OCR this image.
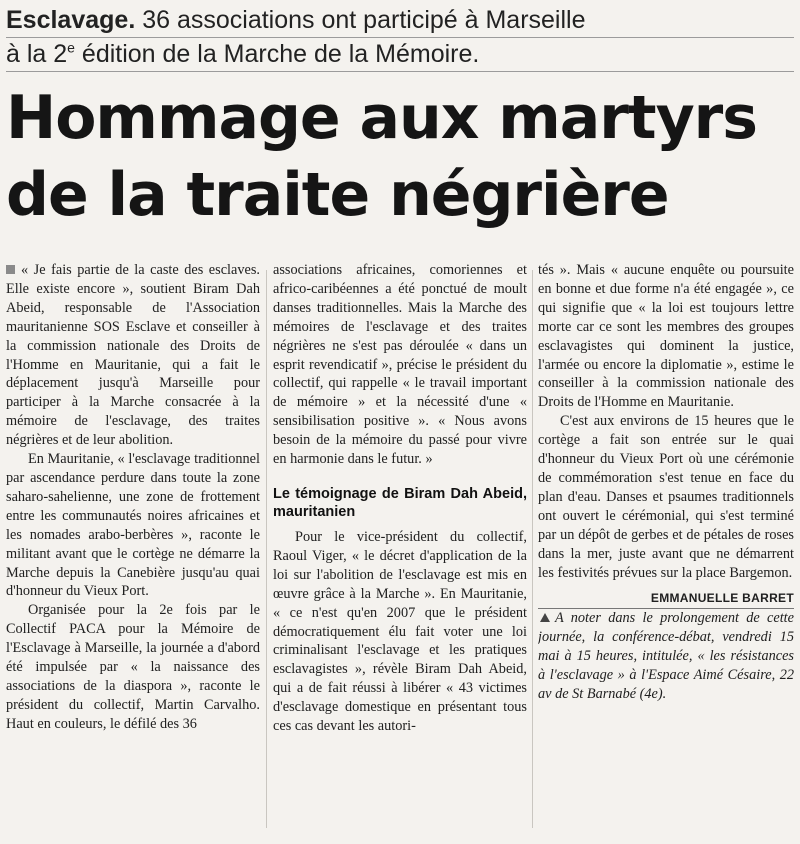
Esclavage. 36 associations ont participé à Marseille
à la 2e édition de la Marche de la Mémoire.
Hommage aux martyrs
de la traite négrière

« Je fais partie de la caste des esclaves. Elle existe encore », soutient Biram Dah Abeid, responsable de l'Association mauritanienne SOS Esclave et conseiller à la commission nationale des Droits de l'Homme en Mauritanie, qui a fait le déplacement jusqu'à Marseille pour participer à la Marche consacrée à la mémoire de l'esclavage, des traites négrières et de leur abolition.

En Mauritanie, « l'esclavage traditionnel par ascendance perdure dans toute la zone saharo-sahelienne, une zone de frottement entre les communautés noires africaines et les nomades arabo-berbères », raconte le militant avant que le cortège ne démarre la Marche depuis la Canebière jusqu'au quai d'honneur du Vieux Port.

Organisée pour la 2e fois par le Collectif PACA pour la Mémoire de l'Esclavage à Marseille, la journée a d'abord été impulsée par « la naissance des associations de la diaspora », raconte le président du collectif, Martin Carvalho. Haut en couleurs, le défilé des 36

associations africaines, comoriennes et africo-caribéennes a été ponctué de moult danses traditionnelles. Mais la Marche des mémoires de l'esclavage et des traites négrières ne s'est pas déroulée « dans un esprit revendicatif », précise le président du collectif, qui rappelle « le travail important de mémoire » et la nécessité d'une « sensibilisation positive ». « Nous avons besoin de la mémoire du passé pour vivre en harmonie dans le futur. »

Le témoignage de Biram Dah Abeid, mauritanien

Pour le vice-président du collectif, Raoul Viger, « le décret d'application de la loi sur l'abolition de l'esclavage est mis en œuvre grâce à la Marche ». En Mauritanie, « ce n'est qu'en 2007 que le président démocratiquement élu fait voter une loi criminalisant l'esclavage et les pratiques esclavagistes », révèle Biram Dah Abeid, qui a de fait réussi à libérer « 43 victimes d'esclavage domestique en présentant tous ces cas devant les autori-

tés ». Mais « aucune enquête ou poursuite en bonne et due forme n'a été engagée », ce qui signifie que « la loi est toujours lettre morte car ce sont les membres des groupes esclavagistes qui dominent la justice, l'armée ou encore la diplomatie », estime le conseiller à la commission nationale des Droits de l'Homme en Mauritanie.

C'est aux environs de 15 heures que le cortège a fait son entrée sur le quai d'honneur du Vieux Port où une cérémonie de commémoration s'est tenue en face du plan d'eau. Danses et psaumes traditionnels ont ouvert le cérémonial, qui s'est terminé par un dépôt de gerbes et de pétales de roses dans la mer, juste avant que ne démarrent les festivités prévues sur la place Bargemon.

EMMANUELLE BARRET

A noter dans le prolongement de cette journée, la conférence-débat, vendredi 15 mai à 15 heures, intitulée, « les résistances à l'esclavage » à l'Espace Aimé Césaire, 22 av de St Barnabé (4e).
